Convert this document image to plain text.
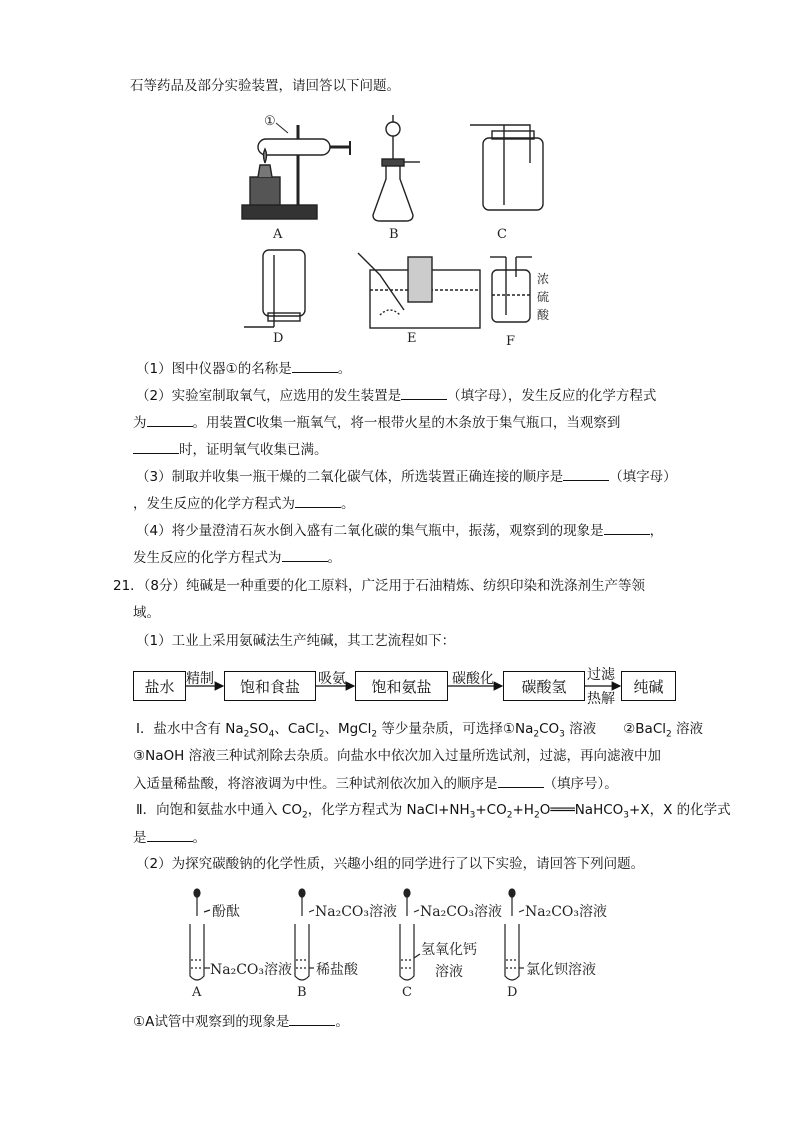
石等药品及部分实验装置，请回答以下问题。
①
浓
硫
酸
A	B	C
D	E	F
（1）图中仪器①的名称是	。
（2）实验室制取氧气，应选用的发生装置是	（填字母），发生反应的化学方程式
为	。用装置C收集一瓶氧气，将一根带火星的木条放于集气瓶口，当观察到
时，证明氧气收集已满。
（3）制取并收集一瓶干燥的二氧化碳气体，所选装置正确连接的顺序是	（填字母）
，发生反应的化学方程式为	。
（4）将少量澄清石灰水倒入盛有二氧化碳的集气瓶中，振荡，观察到的现象是	，
发生反应的化学方程式为	。
21．（8分）纯碱是一种重要的化工原料，广泛用于石油精炼、纺织印染和洗涤剂生产等领
域。
（1）工业上采用氨碱法生产纯碱，其工艺流程如下：
盐水	饱和食盐	饱和氨盐	碳酸氢	纯碱
精制	吸氨	碳酸化	过滤
热解
Ⅰ．盐水中含有 $Na_2SO_4$、CaCl$_2$、MgCl$_2$ 等少量杂质，可选择$①Na_2CO_3$ 溶液　　②BaCl$_2$ 溶液
③NaOH 溶液三种试剂除去杂质。向盐水中依次加入过量所选试剂，过滤，再向滤液中加
入适量稀盐酸，将溶液调为中性。三种试剂依次加入的顺序是	（填序号）。
Ⅱ．向饱和氨盐水中通入 $CO_2$，化学方程式为 $NaCl+NH_3+CO_2+H_2O═══NaHCO_3+X$，X 的化学式
是	。
（2）为探究碳酸钠的化学性质，兴趣小组的同学进行了以下实验，请回答下列问题。
酚酞
Na₂CO₃溶液
Na₂CO₃溶液
稀盐酸
Na₂CO₃溶液
氢氧化钙
溶液
Na₂CO₃溶液
氯化钡溶液
A	B	C	D
①A试管中观察到的现象是	。
